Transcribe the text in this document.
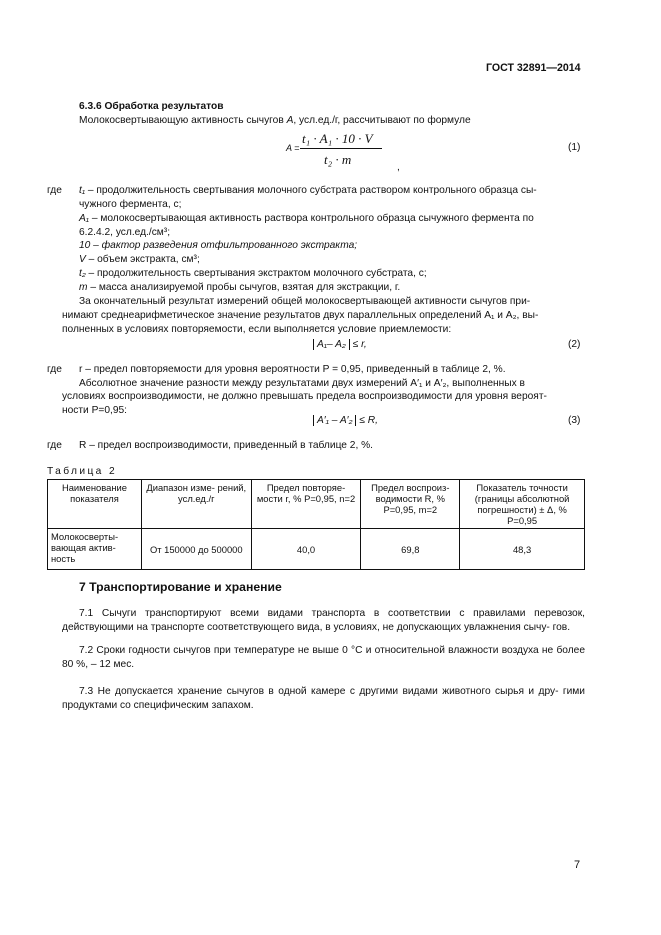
ГОСТ 32891—2014
6.3.6 Обработка результатов
Молокосвертывающую активность сычугов A, усл.ед./г, рассчитывают по формуле
A =
t₁ · A₁ · 10 · V
t₂ · m
,
(1)
где t₁ – продолжительность свертывания молочного субстрата раствором контрольного образца сы-
чужного фермента, с;
A₁ – молокосвертывающая активность раствора контрольного образца сычужного фермента по
6.2.4.2, усл.ед./см³;
10 – фактор разведения отфильтрованного экстракта;
V – объем экстракта, см³;
t₂ – продолжительность свертывания экстрактом молочного субстрата, с;
m – масса анализируемой пробы сычугов, взятая для экстракции, г.
За окончательный результат измерений общей молокосвертывающей активности сычугов при-
нимают среднеарифметическое значение результатов двух параллельных определений A₁ и A₂, вы-
полненных в условиях повторяемости, если выполняется условие приемлемости:
A₁– A₂ ≤ r,	(2)
где r – предел повторяемости для уровня вероятности P = 0,95, приведенный в таблице 2, %.
Абсолютное значение разности между результатами двух измерений A′₁ и A′₂, выполненных в
условиях воспроизводимости, не должно превышать предела воспроизводимости для уровня вероят-
ности P=0,95:
A′₁ – A′₂ ≤ R,	(3)
где R – предел воспроизводимости, приведенный в таблице 2, %.
Таблица 2
Наименование показателя	Диапазон изме- рений, усл.ед./г	Предел повторяе- мости r, % P=0,95, n=2	Предел воспроиз- водимости R, % P=0,95, m=2	Показатель точности (границы абсолютной погрешности) ± Δ, % P=0,95
Молокосверты- вающая актив- ность	От 150000 до 500000	40,0	69,8	48,3
7 Транспортирование и хранение
7.1 Сычуги транспортируют всеми видами транспорта в соответствии с правилами перевозок, действующими на транспорте соответствующего вида, в условиях, не допускающих увлажнения сычу- гов.
7.2 Сроки годности сычугов при температуре не выше 0 °С и относительной влажности воздуха не более 80 %, – 12 мес.
7.3 Не допускается хранение сычугов в одной камере с другими видами животного сырья и дру- гими продуктами со специфическим запахом.
7
